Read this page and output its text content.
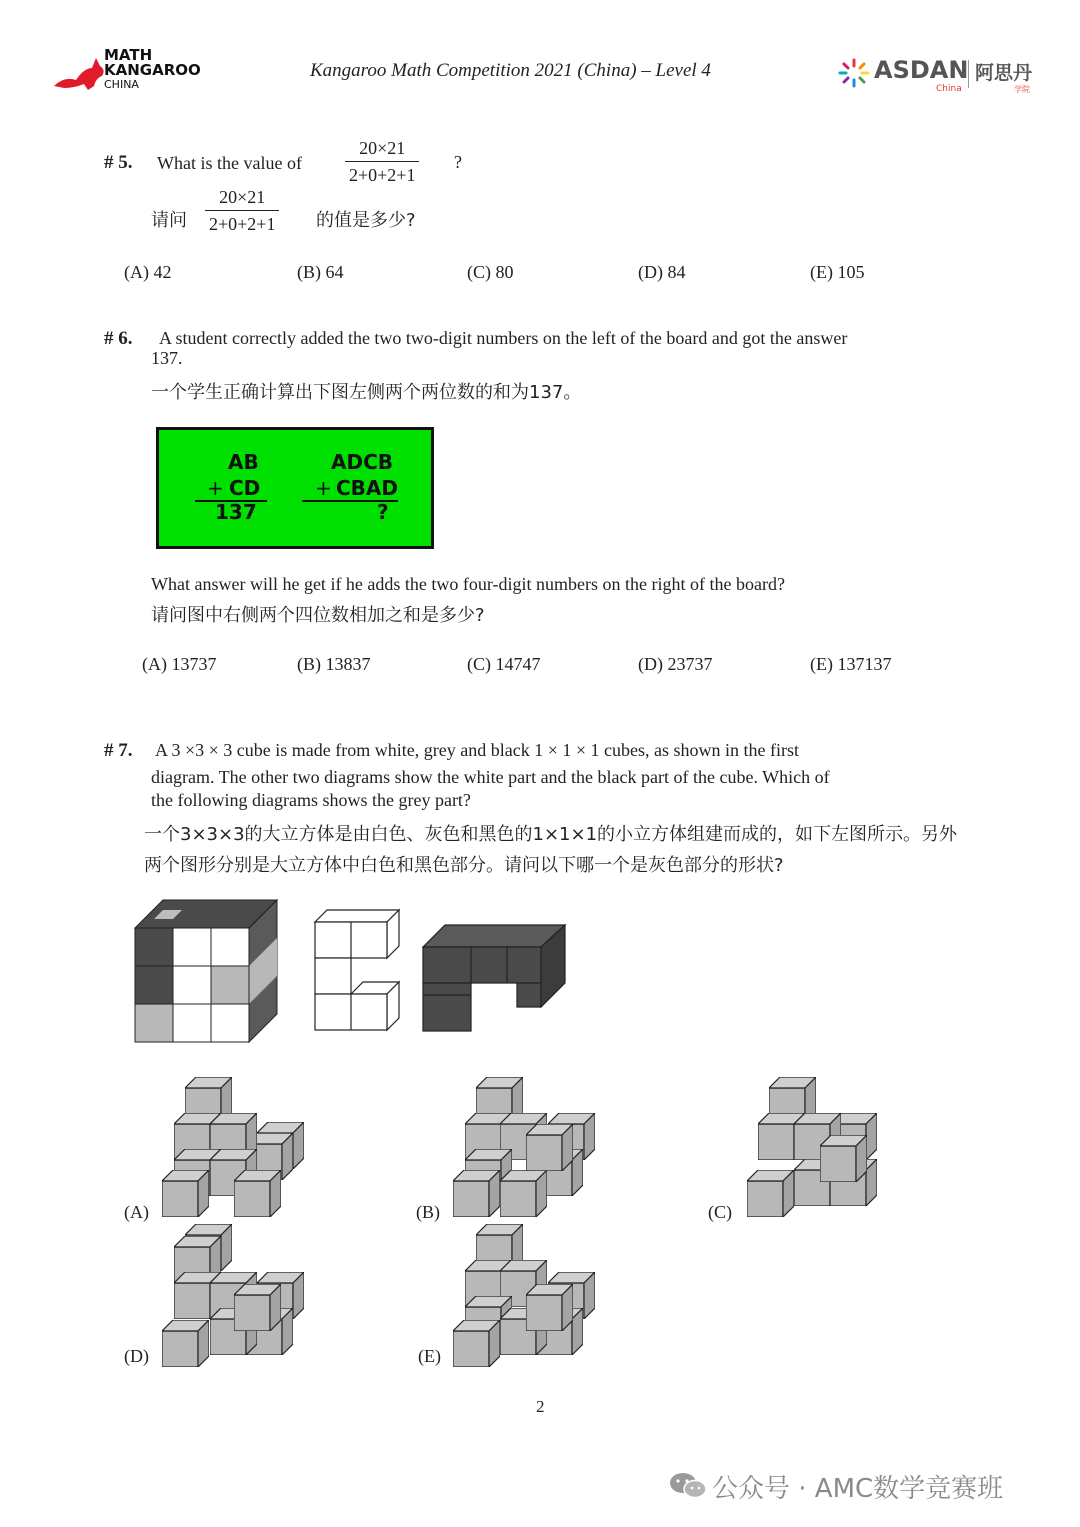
MATH
KANGAROO
CHINA
Kangaroo Math Competition 2021 (China) – Level 4	ASDAN
China
阿思丹
学院
# 5. What is the value of $\frac{20\times 21}{2+0+2+1}$ ?
请问 $\frac{20\times 21}{2+0+2+1}$ 的值是多少?
(A) 42	(B) 64	(C) 80	(D) 84	(E) 105
# 6. A student correctly added the two two-digit numbers on the left of the board and got the answer
137.
一个学生正确计算出下图左侧两个两位数的和为137。
AB
+ CD
137
ADCB
+ CBAD
?
What answer will he get if he adds the two four-digit numbers on the right of the board?
请问图中右侧两个四位数相加之和是多少?
(A) 13737	(B) 13837	(C) 14747	(D) 23737	(E) 137137
# 7. A 3 ×3 × 3 cube is made from white, grey and black 1 × 1 × 1 cubes, as shown in the first
diagram. The other two diagrams show the white part and the black part of the cube. Which of
the following diagrams shows the grey part?
一个3×3×3的大立方体是由白色、灰色和黑色的1×1×1的小立方体组建而成的，如下左图所示。另外
两个图形分别是大立方体中白色和黑色部分。请问以下哪一个是灰色部分的形状?
(A)	(B)	(C)
(D)	(E)
2
公众号 · AMC数学竞赛班
